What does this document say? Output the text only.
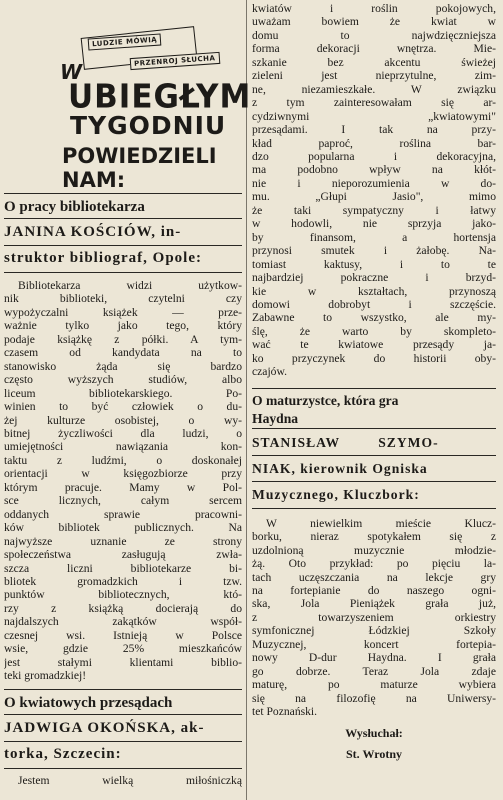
LUDZIE MÓWIĄ
PRZENROJ SŁUCHA
W
UBIEGŁYM
TYGODNIU
POWIEDZIELI
NAM:
O pracy bibliotekarza
JANINA KOŚCIÓW, in-
struktor bibliograf, Opole:

Bibliotekarza widzi użytkow-
nik biblioteki, czytelni czy
wypożyczalni książek — prze-
ważnie tylko jako tego, który
podaje książkę z półki. A tym-
czasem od kandydata na to
stanowisko żąda się bardzo
często wyższych studiów, albo
liceum bibliotekarskiego. Po-
winien to być człowiek o du-
żej kulturze osobistej, o wy-
bitnej życzliwości dla ludzi, o
umiejętności nawiązania kon-
taktu z ludźmi, o doskonałej
orientacji w księgozbiorze przy
którym pracuje. Mamy w Pol-
sce licznych, całym sercem
oddanych sprawie pracowni-
ków bibliotek publicznych. Na
najwyższe uznanie ze strony
społeczeństwa zasługują zwła-
szcza liczni bibliotekarze bi-
bliotek gromadzkich i tzw.
punktów bibliotecznych, któ-
rzy z książką docierają do
najdalszych zakątków współ-
czesnej wsi. Istnieją w Polsce
wsie, gdzie 25% mieszkańców
jest stałymi klientami biblio-
teki gromadzkiej!

O kwiatowych przesądach
JADWIGA OKOŃSKA, ak-
torka, Szczecin:

Jestem wielką miłośniczką

kwiatów i roślin pokojowych,
uważam bowiem że kwiat w
domu to najwdzięczniejsza
forma dekoracji wnętrza. Mie-
szkanie bez akcentu świeżej
zieleni jest nieprzytulne, zim-
ne, niezamieszkałe. W związku
z tym zainteresowałam się ar-
cydziwnymi „kwiatowymi"
przesądami. I tak na przy-
kład paproć, roślina bar-
dzo popularna i dekoracyjna,
ma podobno wpływ na kłót-
nie i nieporozumienia w do-
mu. „Głupi Jasio", mimo
że taki sympatyczny i łatwy
w hodowli, nie sprzyja jako-
by finansom, a hortensja
przynosi smutek i żałobę. Na-
tomiast kaktusy, i to te
najbardziej pokraczne i brzyd-
kie w kształtach, przynoszą
domowi dobrobyt i szczęście.
Zabawne to wszystko, ale my-
ślę, że warto by skompleto-
wać te kwiatowe przesądy ja-
ko przyczynek do historii oby-
czajów.

O maturzystce, która gra
Haydna
STANISŁAW SZYMO-
NIAK, kierownik Ogniska
Muzycznego, Kluczbork:

W niewielkim mieście Klucz-
borku, nieraz spotykałem się z
uzdolnioną muzycznie młodzie-
żą. Oto przykład: po pięciu la-
tach uczęszczania na lekcje gry
na fortepianie do naszego ogni-
ska, Jola Pieniążek grała już,
z towarzyszeniem orkiestry
symfonicznej Łódzkiej Szkoły
Muzycznej, koncert fortepia-
nowy D-dur Haydna. I grała
go dobrze. Teraz Jola zdaje
maturę, po maturze wybiera
się na filozofię na Uniwersy-
tet Poznański.

Wysłuchał:
St. Wrotny
